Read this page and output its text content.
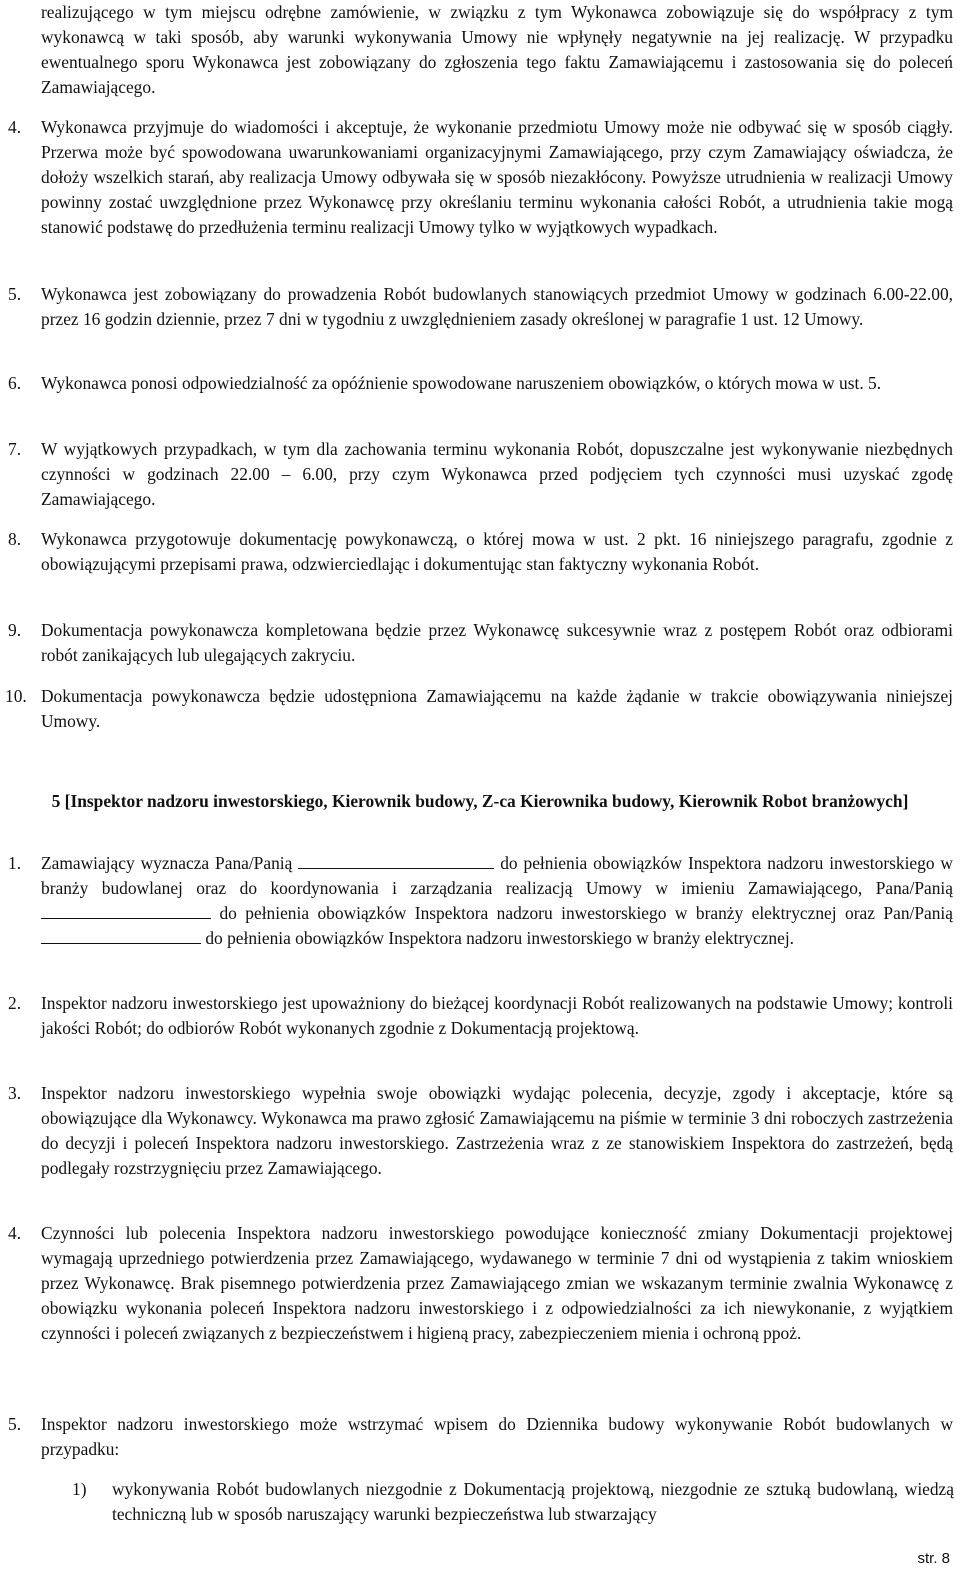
realizującego w tym miejscu odrębne zamówienie, w związku z tym Wykonawca zobowiązuje się do współpracy z tym wykonawcą w taki sposób, aby warunki wykonywania Umowy nie wpłynęły negatywnie na jej realizację. W przypadku ewentualnego sporu Wykonawca jest zobowiązany do zgłoszenia tego faktu Zamawiającemu i zastosowania się do poleceń Zamawiającego.

4. Wykonawca przyjmuje do wiadomości i akceptuje, że wykonanie przedmiotu Umowy może nie odbywać się w sposób ciągły. Przerwa może być spowodowana uwarunkowaniami organizacyjnymi Zamawiającego, przy czym Zamawiający oświadcza, że dołoży wszelkich starań, aby realizacja Umowy odbywała się w sposób niezakłócony. Powyższe utrudnienia w realizacji Umowy powinny zostać uwzględnione przez Wykonawcę przy określaniu terminu wykonania całości Robót, a utrudnienia takie mogą stanowić podstawę do przedłużenia terminu realizacji Umowy tylko w wyjątkowych wypadkach.

5. Wykonawca jest zobowiązany do prowadzenia Robót budowlanych stanowiących przedmiot Umowy w godzinach 6.00-22.00, przez 16 godzin dziennie, przez 7 dni w tygodniu z uwzględnieniem zasady określonej w paragrafie 1 ust. 12 Umowy.

6. Wykonawca ponosi odpowiedzialność za opóźnienie spowodowane naruszeniem obowiązków, o których mowa w ust. 5.

7. W wyjątkowych przypadkach, w tym dla zachowania terminu wykonania Robót, dopuszczalne jest wykonywanie niezbędnych czynności w godzinach 22.00 – 6.00, przy czym Wykonawca przed podjęciem tych czynności musi uzyskać zgodę Zamawiającego.

8. Wykonawca przygotowuje dokumentację powykonawczą, o której mowa w ust. 2 pkt. 16 niniejszego paragrafu, zgodnie z obowiązującymi przepisami prawa, odzwierciedlając i dokumentując stan faktyczny wykonania Robót.

9. Dokumentacja powykonawcza kompletowana będzie przez Wykonawcę sukcesywnie wraz z postępem Robót oraz odbiorami robót zanikających lub ulegających zakryciu.

10. Dokumentacja powykonawcza będzie udostępniona Zamawiającemu na każde żądanie w trakcie obowiązywania niniejszej Umowy.

5 [Inspektor nadzoru inwestorskiego, Kierownik budowy, Z-ca Kierownika budowy, Kierownik Robot branżowych]
1. Zamawiający wyznacza Pana/Panią	do pełnienia obowiązków Inspektora nadzoru inwestorskiego w branży budowlanej oraz do koordynowania i zarządzania realizacją Umowy w imieniu Zamawiającego, Pana/Panią  do pełnienia obowiązków Inspektora nadzoru inwestorskiego w branży elektrycznej oraz Pan/Panią do pełnienia obowiązków Inspektora nadzoru inwestorskiego w branży elektrycznej.

2. Inspektor nadzoru inwestorskiego jest upoważniony do bieżącej koordynacji Robót realizowanych na podstawie Umowy; kontroli jakości Robót; do odbiorów Robót wykonanych zgodnie z Dokumentacją projektową.

3. Inspektor nadzoru inwestorskiego wypełnia swoje obowiązki wydając polecenia, decyzje, zgody i akceptacje, które są obowiązujące dla Wykonawcy. Wykonawca ma prawo zgłosić Zamawiającemu na piśmie w terminie 3 dni roboczych zastrzeżenia do decyzji i poleceń Inspektora nadzoru inwestorskiego. Zastrzeżenia wraz z ze stanowiskiem Inspektora do zastrzeżeń, będą podlegały rozstrzygnięciu przez Zamawiającego.

4. Czynności lub polecenia Inspektora nadzoru inwestorskiego powodujące konieczność zmiany Dokumentacji projektowej wymagają uprzedniego potwierdzenia przez Zamawiającego, wydawanego w terminie 7 dni od wystąpienia z takim wnioskiem przez Wykonawcę. Brak pisemnego potwierdzenia przez Zamawiającego zmian we wskazanym terminie zwalnia Wykonawcę z obowiązku wykonania poleceń Inspektora nadzoru inwestorskiego i z odpowiedzialności za ich niewykonanie, z wyjątkiem czynności i poleceń związanych z bezpieczeństwem i higieną pracy, zabezpieczeniem mienia i ochroną ppoż.

5. Inspektor nadzoru inwestorskiego może wstrzymać wpisem do Dziennika budowy wykonywanie Robót budowlanych w przypadku:

1) wykonywania Robót budowlanych niezgodnie z Dokumentacją projektową, niezgodnie ze sztuką budowlaną, wiedzą techniczną lub w sposób naruszający warunki bezpieczeństwa lub stwarzający

str. 8
